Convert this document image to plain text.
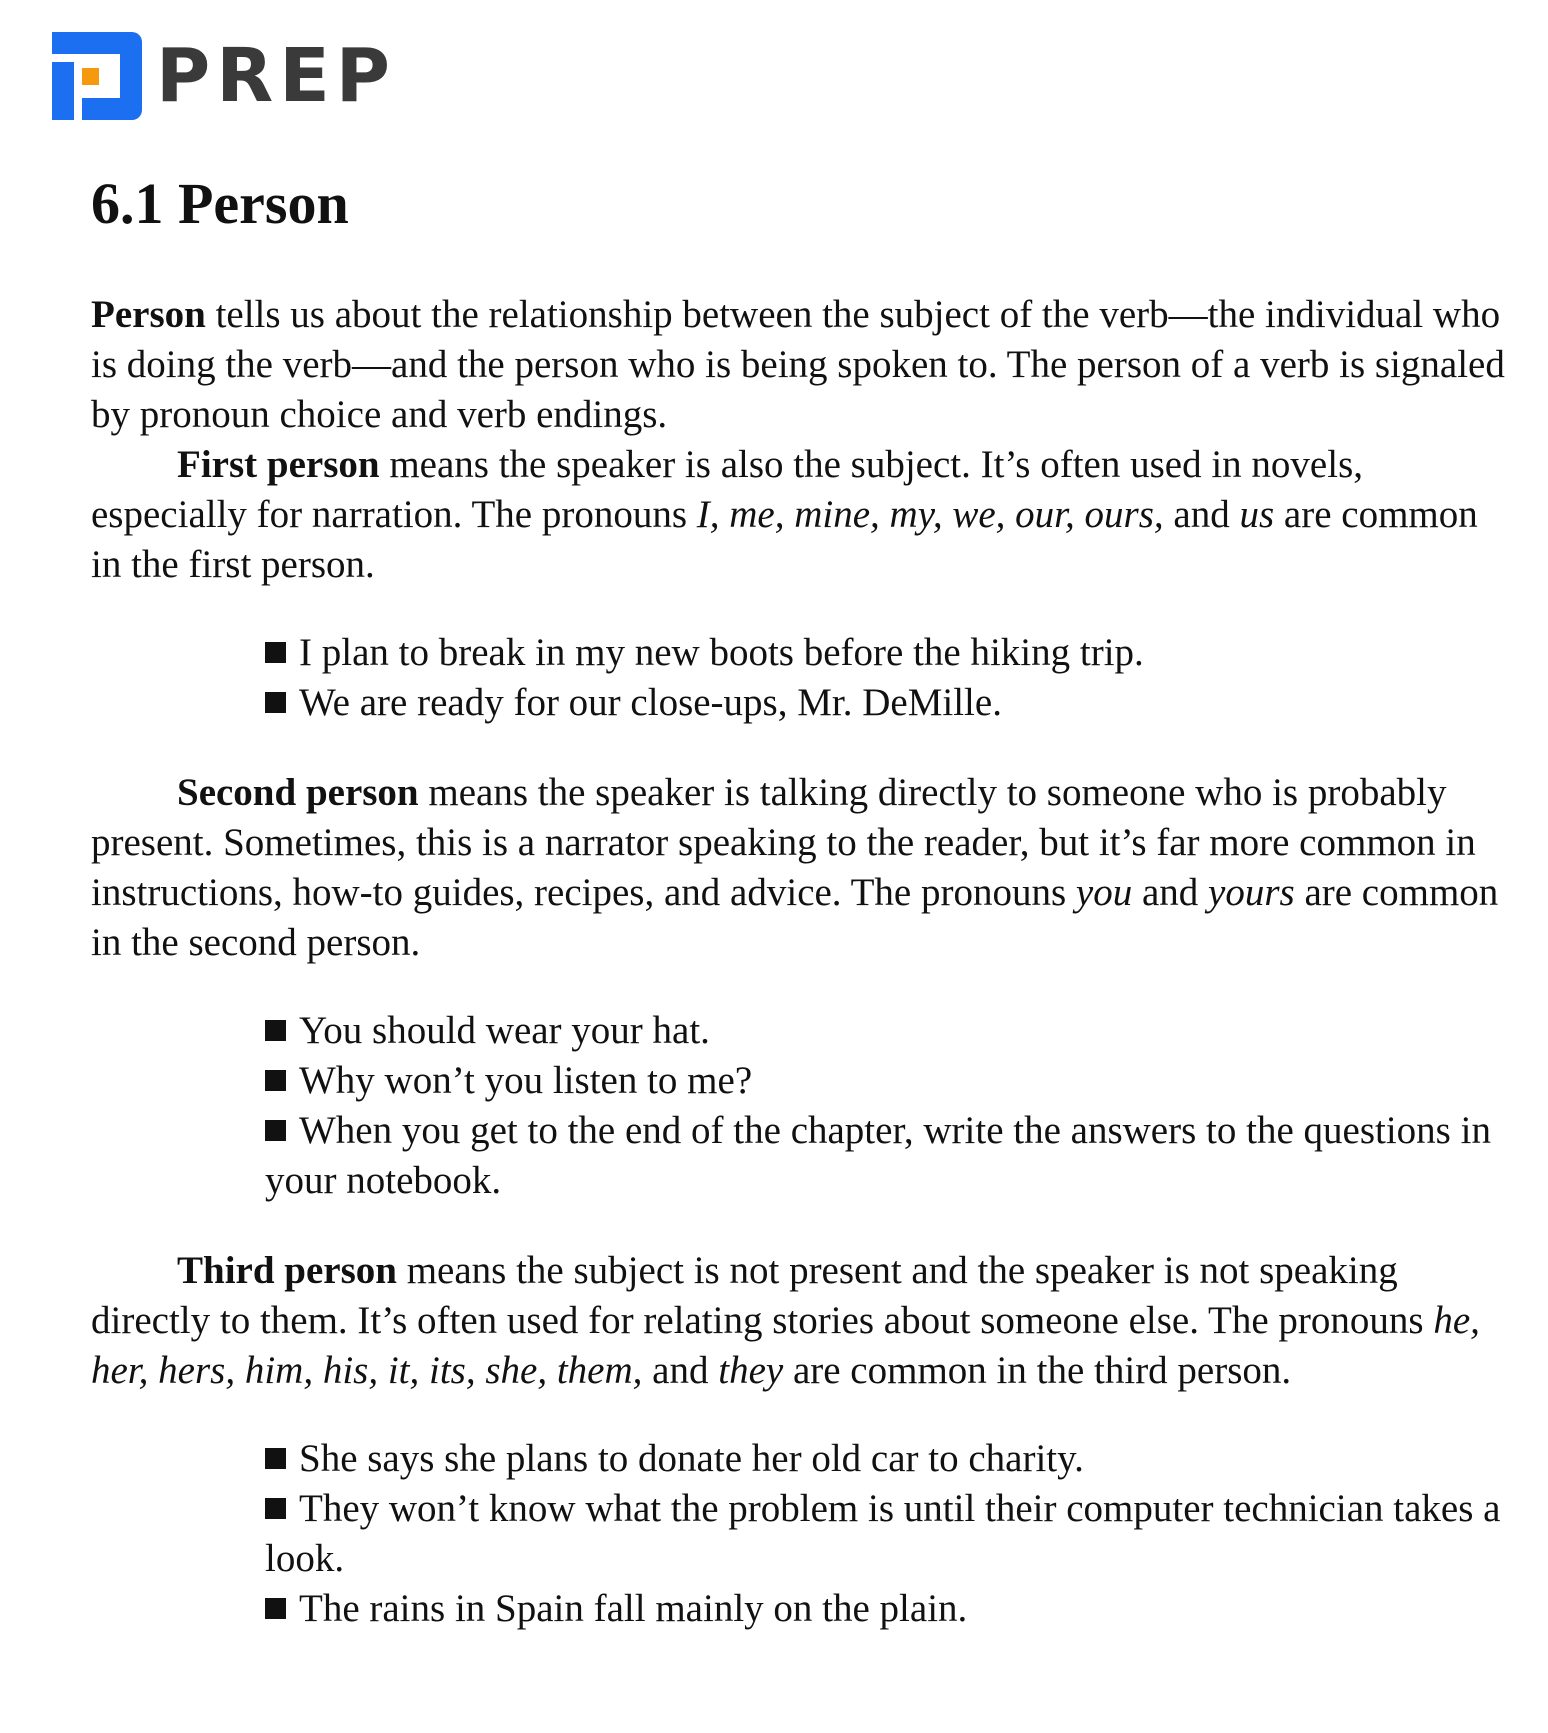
PREP
6.1 Person

Person tells us about the relationship between the subject of the verb—the individual who is doing the verb—and the person who is being spoken to. The person of a verb is signaled by pronoun choice and verb endings.

First person means the speaker is also the subject. It’s often used in novels, especially for narration. The pronouns I, me, mine, my, we, our, ours, and us are common in the first person.

I plan to break in my new boots before the hiking trip.
We are ready for our close-ups, Mr. DeMille.

Second person means the speaker is talking directly to someone who is probably present. Sometimes, this is a narrator speaking to the reader, but it’s far more common in instructions, how-to guides, recipes, and advice. The pronouns you and yours are common in the second person.

You should wear your hat.
Why won’t you listen to me?
When you get to the end of the chapter, write the answers to the questions in your notebook.

Third person means the subject is not present and the speaker is not speaking directly to them. It’s often used for relating stories about someone else. The pronouns he, her, hers, him, his, it, its, she, them, and they are common in the third person.

She says she plans to donate her old car to charity.
They won’t know what the problem is until their computer technician takes a look.
The rains in Spain fall mainly on the plain.
